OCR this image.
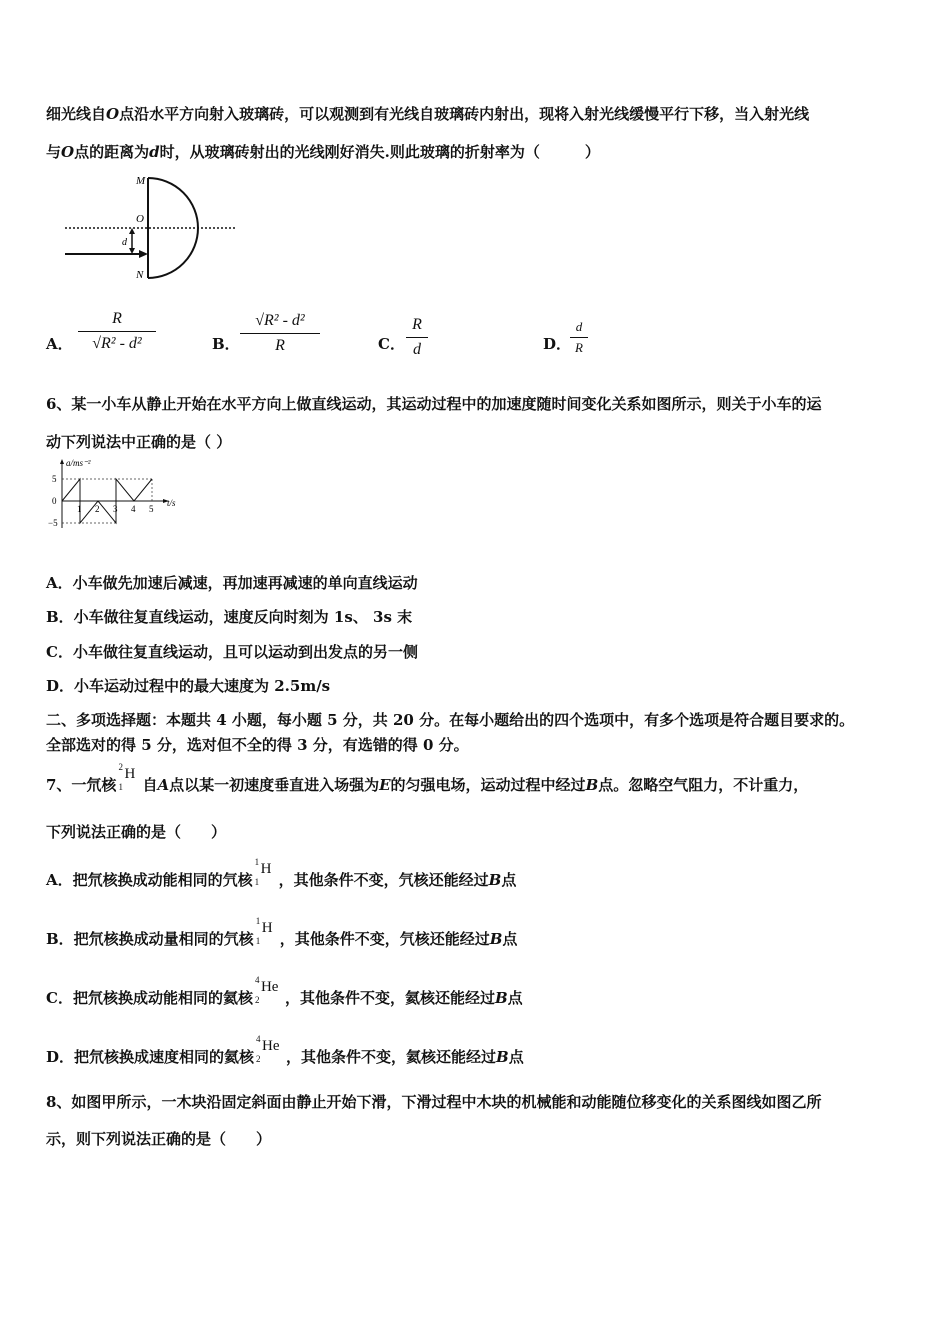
细光线自O点沿水平方向射入玻璃砖，可以观测到有光线自玻璃砖内射出，现将入射光线缓慢平行下移，当入射光线
与O点的距离为d时，从玻璃砖射出的光线刚好消失.则此玻璃的折射率为（　　　）
M
O
d
N
A．
R
√R² - d²	B．
√R² - d²
R	C．
R
d	D．
d
R
6、某一小车从静止开始在水平方向上做直线运动，其运动过程中的加速度随时间变化关系如图所示，则关于小车的运
动下列说法中正确的是（ ）
a/ms⁻²
t/s
5
0
−5
1 2 3 4 5
A．小车做先加速后减速，再加速再减速的单向直线运动
B．小车做往复直线运动，速度反向时刻为 1s、 3s 末
C．小车做往复直线运动，且可以运动到出发点的另一侧
D．小车运动过程中的最大速度为 2.5m/s
二、多项选择题：本题共 4 小题，每小题 5 分，共 20 分。在每小题给出的四个选项中，有多个选项是符合题目要求的。
全部选对的得 5 分，选对但不全的得 3 分，有选错的得 0 分。
7、一氘核
2
1
H
自A点以某一初速度垂直进入场强为E的匀强电场，运动过程中经过B点。忽略空气阻力，不计重力，
下列说法正确的是（　　）
A．把氘核换成动能相同的氕核
1
1
H
，其他条件不变，氕核还能经过B点
B．把氘核换成动量相同的氕核
1
1
H
，其他条件不变，氕核还能经过B点
C．把氘核换成动能相同的氦核
4
2
He
，其他条件不变，氦核还能经过B点
D．把氘核换成速度相同的氦核
4
2
He
，其他条件不变，氦核还能经过B点
8、如图甲所示，一木块沿固定斜面由静止开始下滑，下滑过程中木块的机械能和动能随位移变化的关系图线如图乙所
示，则下列说法正确的是（　　）
